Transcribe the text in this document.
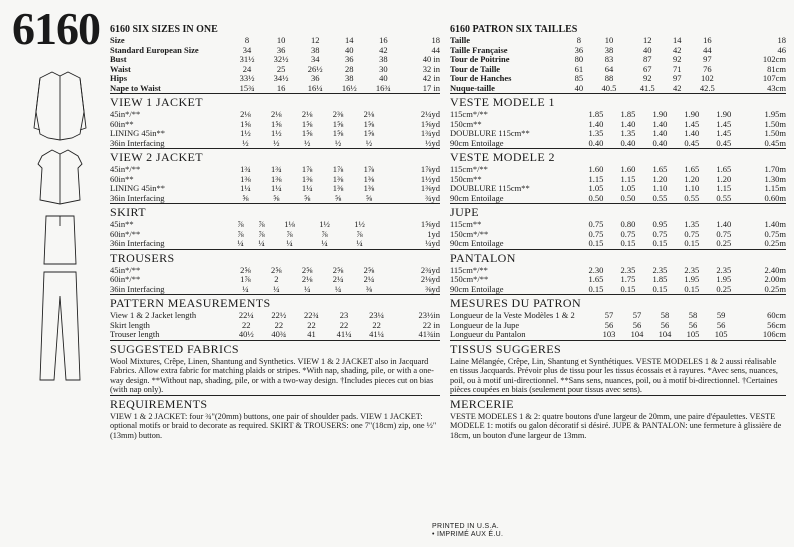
6160 6160 SIX SIZES IN ONE
Size	8	10	12	14	16	18
Standard European Size	34	36	38	40	42	44
Bust	31½	32½	34	36	38	40 in
Waist	24	25	26½	28	30	32 in
Hips	33½	34½	36	38	40	42 in
Nape to Waist	15¾	16	16¼	16½	16¾	17 in
VIEW 1 JACKET
45in*/**	2⅛	2⅛	2⅛	2⅜	2⅛	2¼yd
60in**	1⅝	1⅝	1⅝	1⅝	1⅝	1⅝yd
LINING 45in**	1½	1½	1⅝	1⅝	1⅝	1¾yd
36in Interfacing	½	½	½	½	½	½yd
VIEW 2 JACKET
45in*/**	1¾	1¾	1⅞	1⅞	1⅞	1⅞yd
60in**	1⅜	1⅜	1⅜	1⅜	1⅜	1½yd
LINING 45in**	1¼	1¼	1¼	1⅜	1⅜	1⅜yd
36in Interfacing	⅝	⅝	⅝	⅝	⅝	¾yd
SKIRT
45in**	⅞	⅞	1⅛	1½	1½	1⅝yd
60in*/**	⅞	⅞	⅞	⅞	⅞	1yd
36in Interfacing	¼	¼	¼	¼	¼	¼yd
TROUSERS
45in*/**	2⅝	2⅝	2⅝	2⅝	2⅝	2¾yd
60in*/**	1⅞	2	2⅛	2¼	2¼	2⅛yd
36in Interfacing	¼	¼	¼	¼	⅜	⅜yd
PATTERN MEASUREMENTS
View 1 & 2 Jacket length	22¼	22½	22¾	23	23¼	23½in
Skirt length	22	22	22	22	22	22 in
Trouser length	40½	40¾	41	41¼	41¼	41¾in
SUGGESTED FABRICS
Wool Mixtures, Crêpe, Linen, Shantung and Synthetics. VIEW 1 & 2 JACKET also in Jacquard Fabrics. Allow extra fabric for matching plaids or stripes. *With nap, shading, pile, or with a one-way design. **Without nap, shading, pile, or with a two-way design. †Includes pieces cut on bias (with nap only).
REQUIREMENTS
VIEW 1 & 2 JACKET: four ¾"(20mm) buttons, one pair of shoulder pads. VIEW 1 JACKET: optional motifs or braid to decorate as required. SKIRT & TROUSERS: one 7"(18cm) zip, one ½"(13mm) button.
6160 PATRON SIX TAILLES
Taille	8	10	12	14	16	18
Taille Française	36	38	40	42	44	46
Tour de Poitrine	80	83	87	92	97	102cm
Tour de Taille	61	64	67	71	76	81cm
Tour de Hanches	85	88	92	97	102	107cm
Nuque-taille	40	40.5	41.5	42	42.5	43cm
VESTE MODELE 1
115cm*/**	1.85	1.85	1.90	1.90	1.90	1.95m
150cm**	1.40	1.40	1.40	1.45	1.45	1.50m
DOUBLURE 115cm**	1.35	1.35	1.40	1.40	1.45	1.50m
90cm Entoilage	0.40	0.40	0.40	0.45	0.45	0.45m
VESTE MODELE 2
115cm*/**	1.60	1.60	1.65	1.65	1.65	1.70m
150cm**	1.15	1.15	1.20	1.20	1.20	1.30m
DOUBLURE 115cm**	1.05	1.05	1.10	1.10	1.15	1.15m
90cm Entoilage	0.50	0.50	0.55	0.55	0.55	0.60m
JUPE
115cm**	0.75	0.80	0.95	1.35	1.40	1.40m
150cm*/**	0.75	0.75	0.75	0.75	0.75	0.75m
90cm Entoilage	0.15	0.15	0.15	0.15	0.25	0.25m
PANTALON
115cm*/**	2.30	2.35	2.35	2.35	2.35	2.40m
150cm*/**	1.65	1.75	1.85	1.95	1.95	2.00m
90cm Entoilage	0.15	0.15	0.15	0.15	0.25	0.25m
MESURES DU PATRON
Longueur de la Veste Modèles 1 & 2	57	57	58	58	59	60cm
Longueur de la Jupe	56	56	56	56	56	56cm
Longueur du Pantalon	103	104	104	105	105	106cm
TISSUS SUGGERES
Laine Mélangée, Crêpe, Lin, Shantung et Synthétiques. VESTE MODELES 1 & 2 aussi réalisable en tissus Jacquards. Prévoir plus de tissu pour les tissus écossais et à rayures. *Avec sens, nuances, poil, ou à motif uni-directionnel. **Sans sens, nuances, poil, ou à motif bi-directionnel. †Certaines pièces coupées en biais (seulement pour tissus avec sens).
MERCERIE
VESTE MODELES 1 & 2: quatre boutons d'une largeur de 20mm, une paire d'épaulettes. VESTE MODELE 1: motifs ou galon décoratif si désiré. JUPE & PANTALON: une fermeture à glissière de 18cm, un bouton d'une largeur de 13mm.
PRINTED IN U.S.A.
• IMPRIMÉ AUX É.U.
